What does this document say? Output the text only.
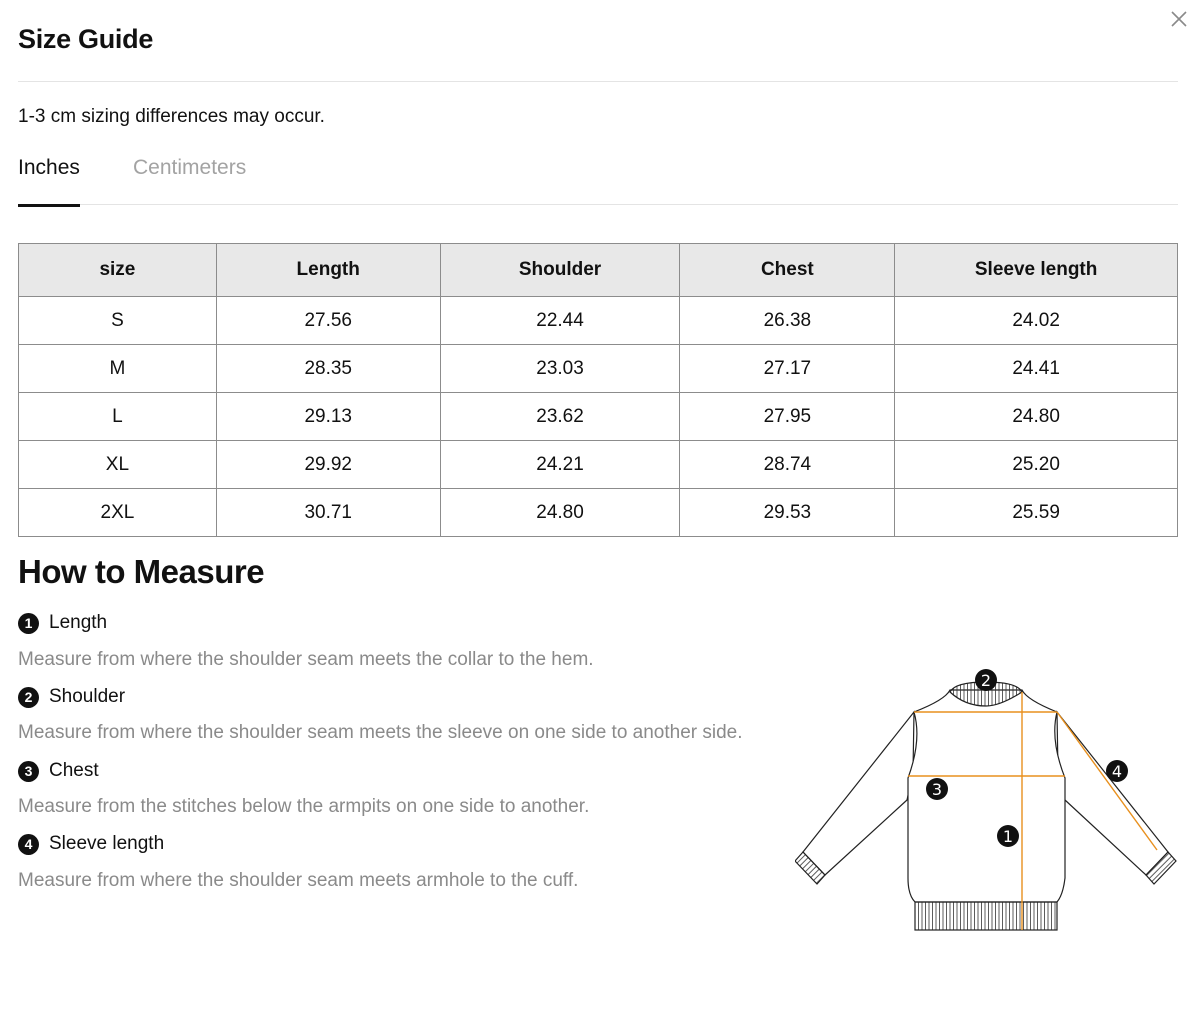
Size Guide
1-3 cm sizing differences may occur.
Inches	Centimeters
size	Length	Shoulder	Chest	Sleeve length
S	27.56	22.44	26.38	24.02
M	28.35	23.03	27.17	24.41
L	29.13	23.62	27.95	24.80
XL	29.92	24.21	28.74	25.20
2XL	30.71	24.80	29.53	25.59
How to Measure
1 Length
Measure from where the shoulder seam meets the collar to the hem.
2 Shoulder
Measure from where the shoulder seam meets the sleeve on one side to another side.
3 Chest
Measure from the stitches below the armpits on one side to another.
4 Sleeve length
Measure from where the shoulder seam meets armhole to the cuff.
1
2
3
4
